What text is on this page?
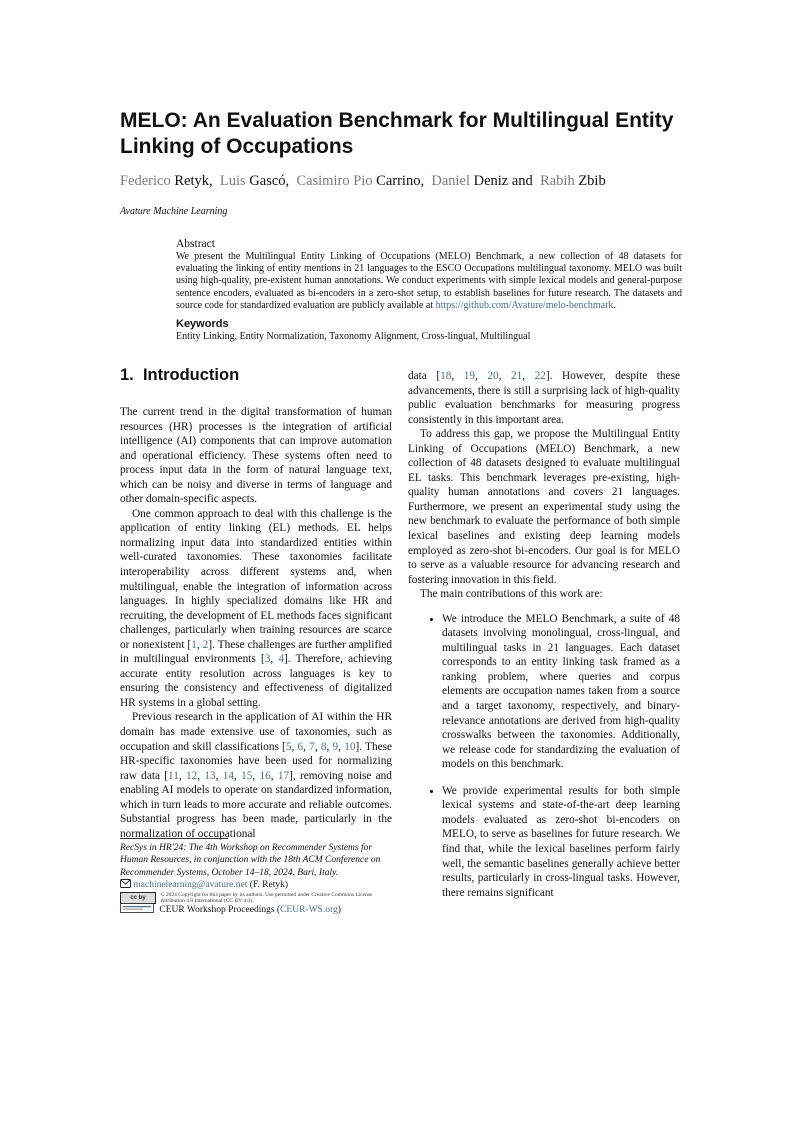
MELO: An Evaluation Benchmark for Multilingual Entity Linking of Occupations
Federico Retyk, Luis Gascó, Casimiro Pio Carrino, Daniel Deniz and Rabih Zbib
Avature Machine Learning
Abstract
We present the Multilingual Entity Linking of Occupations (MELO) Benchmark, a new collection of 48 datasets for evaluating the linking of entity mentions in 21 languages to the ESCO Occupations multilingual taxonomy. MELO was built using high-quality, pre-existent human annotations. We conduct experiments with simple lexical models and general-purpose sentence encoders, evaluated as bi-encoders in a zero-shot setup, to establish baselines for future research. The datasets and source code for standardized evaluation are publicly available at https://github.com/Avature/melo-benchmark.
Keywords
Entity Linking, Entity Normalization, Taxonomy Alignment, Cross-lingual, Multilingual
1. Introduction

The current trend in the digital transformation of human resources (HR) processes is the integration of artificial intelligence (AI) components that can improve automation and operational efficiency. These systems often need to process input data in the form of natural language text, which can be noisy and diverse in terms of language and other domain-specific aspects.

One common approach to deal with this challenge is the application of entity linking (EL) methods. EL helps normalizing input data into standardized entities within well-curated taxonomies. These taxonomies facilitate interoperability across different systems and, when multilingual, enable the integration of information across languages. In highly specialized domains like HR and recruiting, the development of EL methods faces significant challenges, particularly when training resources are scarce or nonexistent [1, 2]. These challenges are further amplified in multilingual environments [3, 4]. Therefore, achieving accurate entity resolution across languages is key to ensuring the consistency and effectiveness of digitalized HR systems in a global setting.

Previous research in the application of AI within the HR domain has made extensive use of taxonomies, such as occupation and skill classifications [5, 6, 7, 8, 9, 10]. These HR-specific taxonomies have been used for normalizing raw data [11, 12, 13, 14, 15, 16, 17], removing noise and enabling AI models to operate on standardized information, which in turn leads to more accurate and reliable outcomes. Substantial progress has been made, particularly in the normalization of occupational

data [18, 19, 20, 21, 22]. However, despite these advancements, there is still a surprising lack of high-quality public evaluation benchmarks for measuring progress consistently in this important area.

To address this gap, we propose the Multilingual Entity Linking of Occupations (MELO) Benchmark, a new collection of 48 datasets designed to evaluate multilingual EL tasks. This benchmark leverages pre-existing, high-quality human annotations and covers 21 languages. Furthermore, we present an experimental study using the new benchmark to evaluate the performance of both simple lexical baselines and existing deep learning models employed as zero-shot bi-encoders. Our goal is for MELO to serve as a valuable resource for advancing research and fostering innovation in this field.

The main contributions of this work are:

• We introduce the MELO Benchmark, a suite of 48 datasets involving monolingual, cross-lingual, and multilingual tasks in 21 languages. Each dataset corresponds to an entity linking task framed as a ranking problem, where queries and corpus elements are occupation names taken from a source and a target taxonomy, respectively, and binary-relevance annotations are derived from high-quality crosswalks between the taxonomies. Additionally, we release code for standardizing the evaluation of models on this benchmark.
• We provide experimental results for both simple lexical systems and state-of-the-art deep learning models evaluated as zero-shot bi-encoders on MELO, to serve as baselines for future research. We find that, while the lexical baselines perform fairly well, the semantic baselines generally achieve better results, particularly in cross-lingual tasks. However, there remains significant
RecSys in HR'24: The 4th Workshop on Recommender Systems for Human Resources, in conjunction with the 18th ACM Conference on Recommender Systems, October 14–18, 2024, Bari, Italy.
machinelearning@avature.net (F. Retyk)
cc by © 2024 Copyright for this paper by its authors. Use permitted under Creative Commons License Attribution 4.0 International (CC BY 4.0).
CEUR Workshop Proceedings (CEUR-WS.org)
